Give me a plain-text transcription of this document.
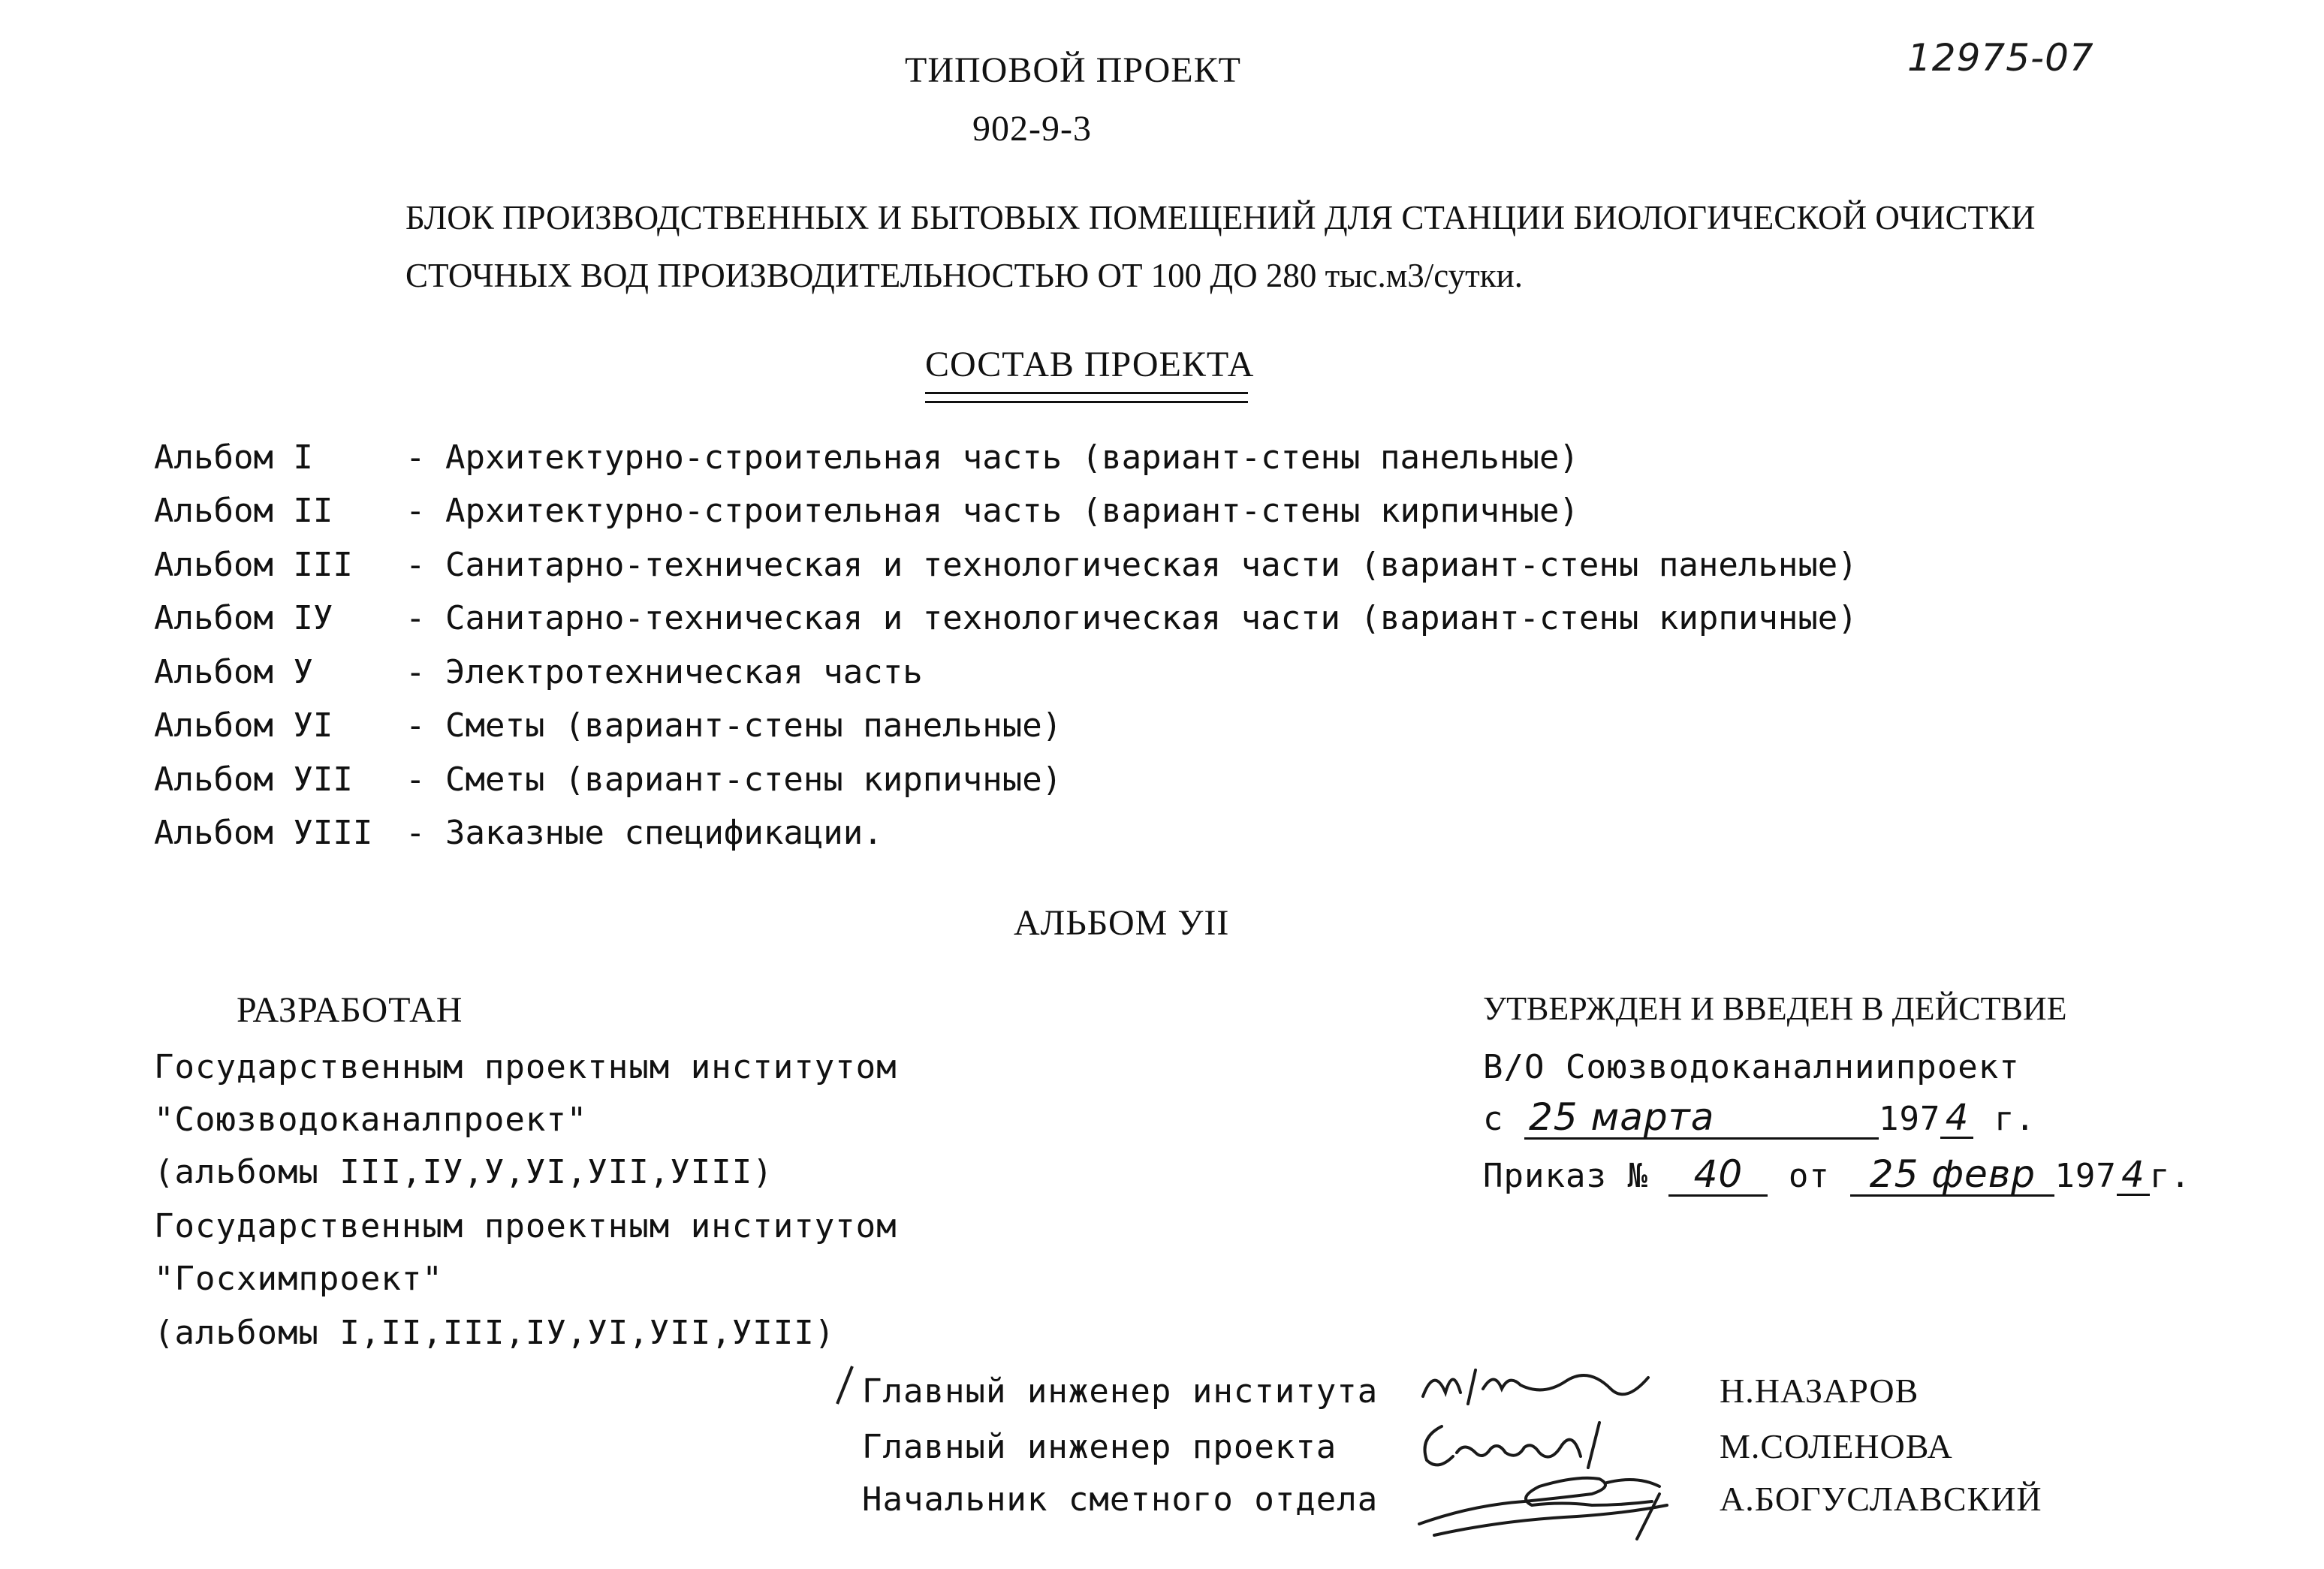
ТИПОВОЙ ПРОЕКТ
902-9-3
12975-07
БЛОК ПРОИЗВОДСТВЕННЫХ И БЫТОВЫХ ПОМЕЩЕНИЙ ДЛЯ СТАНЦИИ БИОЛОГИЧЕСКОЙ ОЧИСТКИ
СТОЧНЫХ ВОД ПРОИЗВОДИТЕЛЬНОСТЬЮ ОТ 100 ДО 280 тыс.м3/сутки.
СОСТАВ ПРОЕКТА
Альбом I	- Архитектурно-строительная часть (вариант-стены панельные)
Альбом II - Архитектурно-строительная часть (вариант-стены кирпичные)
Альбом III - Санитарно-техническая и технологическая части (вариант-стены панельные)
Альбом IУ - Санитарно-техническая и технологическая части (вариант-стены кирпичные)
Альбом У	- Электротехническая часть
Альбом УI - Сметы (вариант-стены панельные)
Альбом УII - Сметы (вариант-стены кирпичные)
Альбом УIII - Заказные спецификации.
АЛЬБОМ УII
РАЗРАБОТАН
Государственным проектным институтом
"Союзводоканалпроект"
(альбомы III,IУ,У,УI,УII,УIII)
Государственным проектным институтом
"Госхимпроект"
(альбомы I,II,III,IУ,УI,УII,УIII)
УТВЕРЖДЕН И ВВЕДЕН В ДЕЙСТВИЕ
В/О Союзводоканалниипроект
с 25 марта	197 4 г.
Приказ № 40 от 25 февр 197 4 г.
Главный инженер института	Н.НАЗАРОВ
Главный инженер проекта	М.СОЛЕНОВА
Начальник сметного отдела	А.БОГУСЛАВСКИЙ
